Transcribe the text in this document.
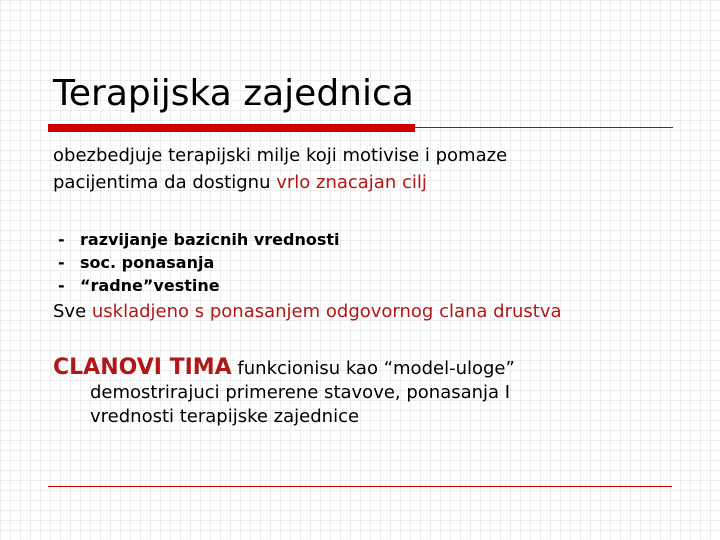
Terapijska zajednica
obezbedjuje terapijski milje koji motivise i pomaze
pacijentima da dostignu vrlo znacajan cilj
- razvijanje bazicnih vrednosti
- soc. ponasanja
- “radne”vestine
Sve uskladjeno s ponasanjem odgovornog clana drustva
CLANOVI TIMA funkcionisu kao “model-uloge”
demostrirajuci primerene stavove, ponasanja I
vrednosti terapijske zajednice
